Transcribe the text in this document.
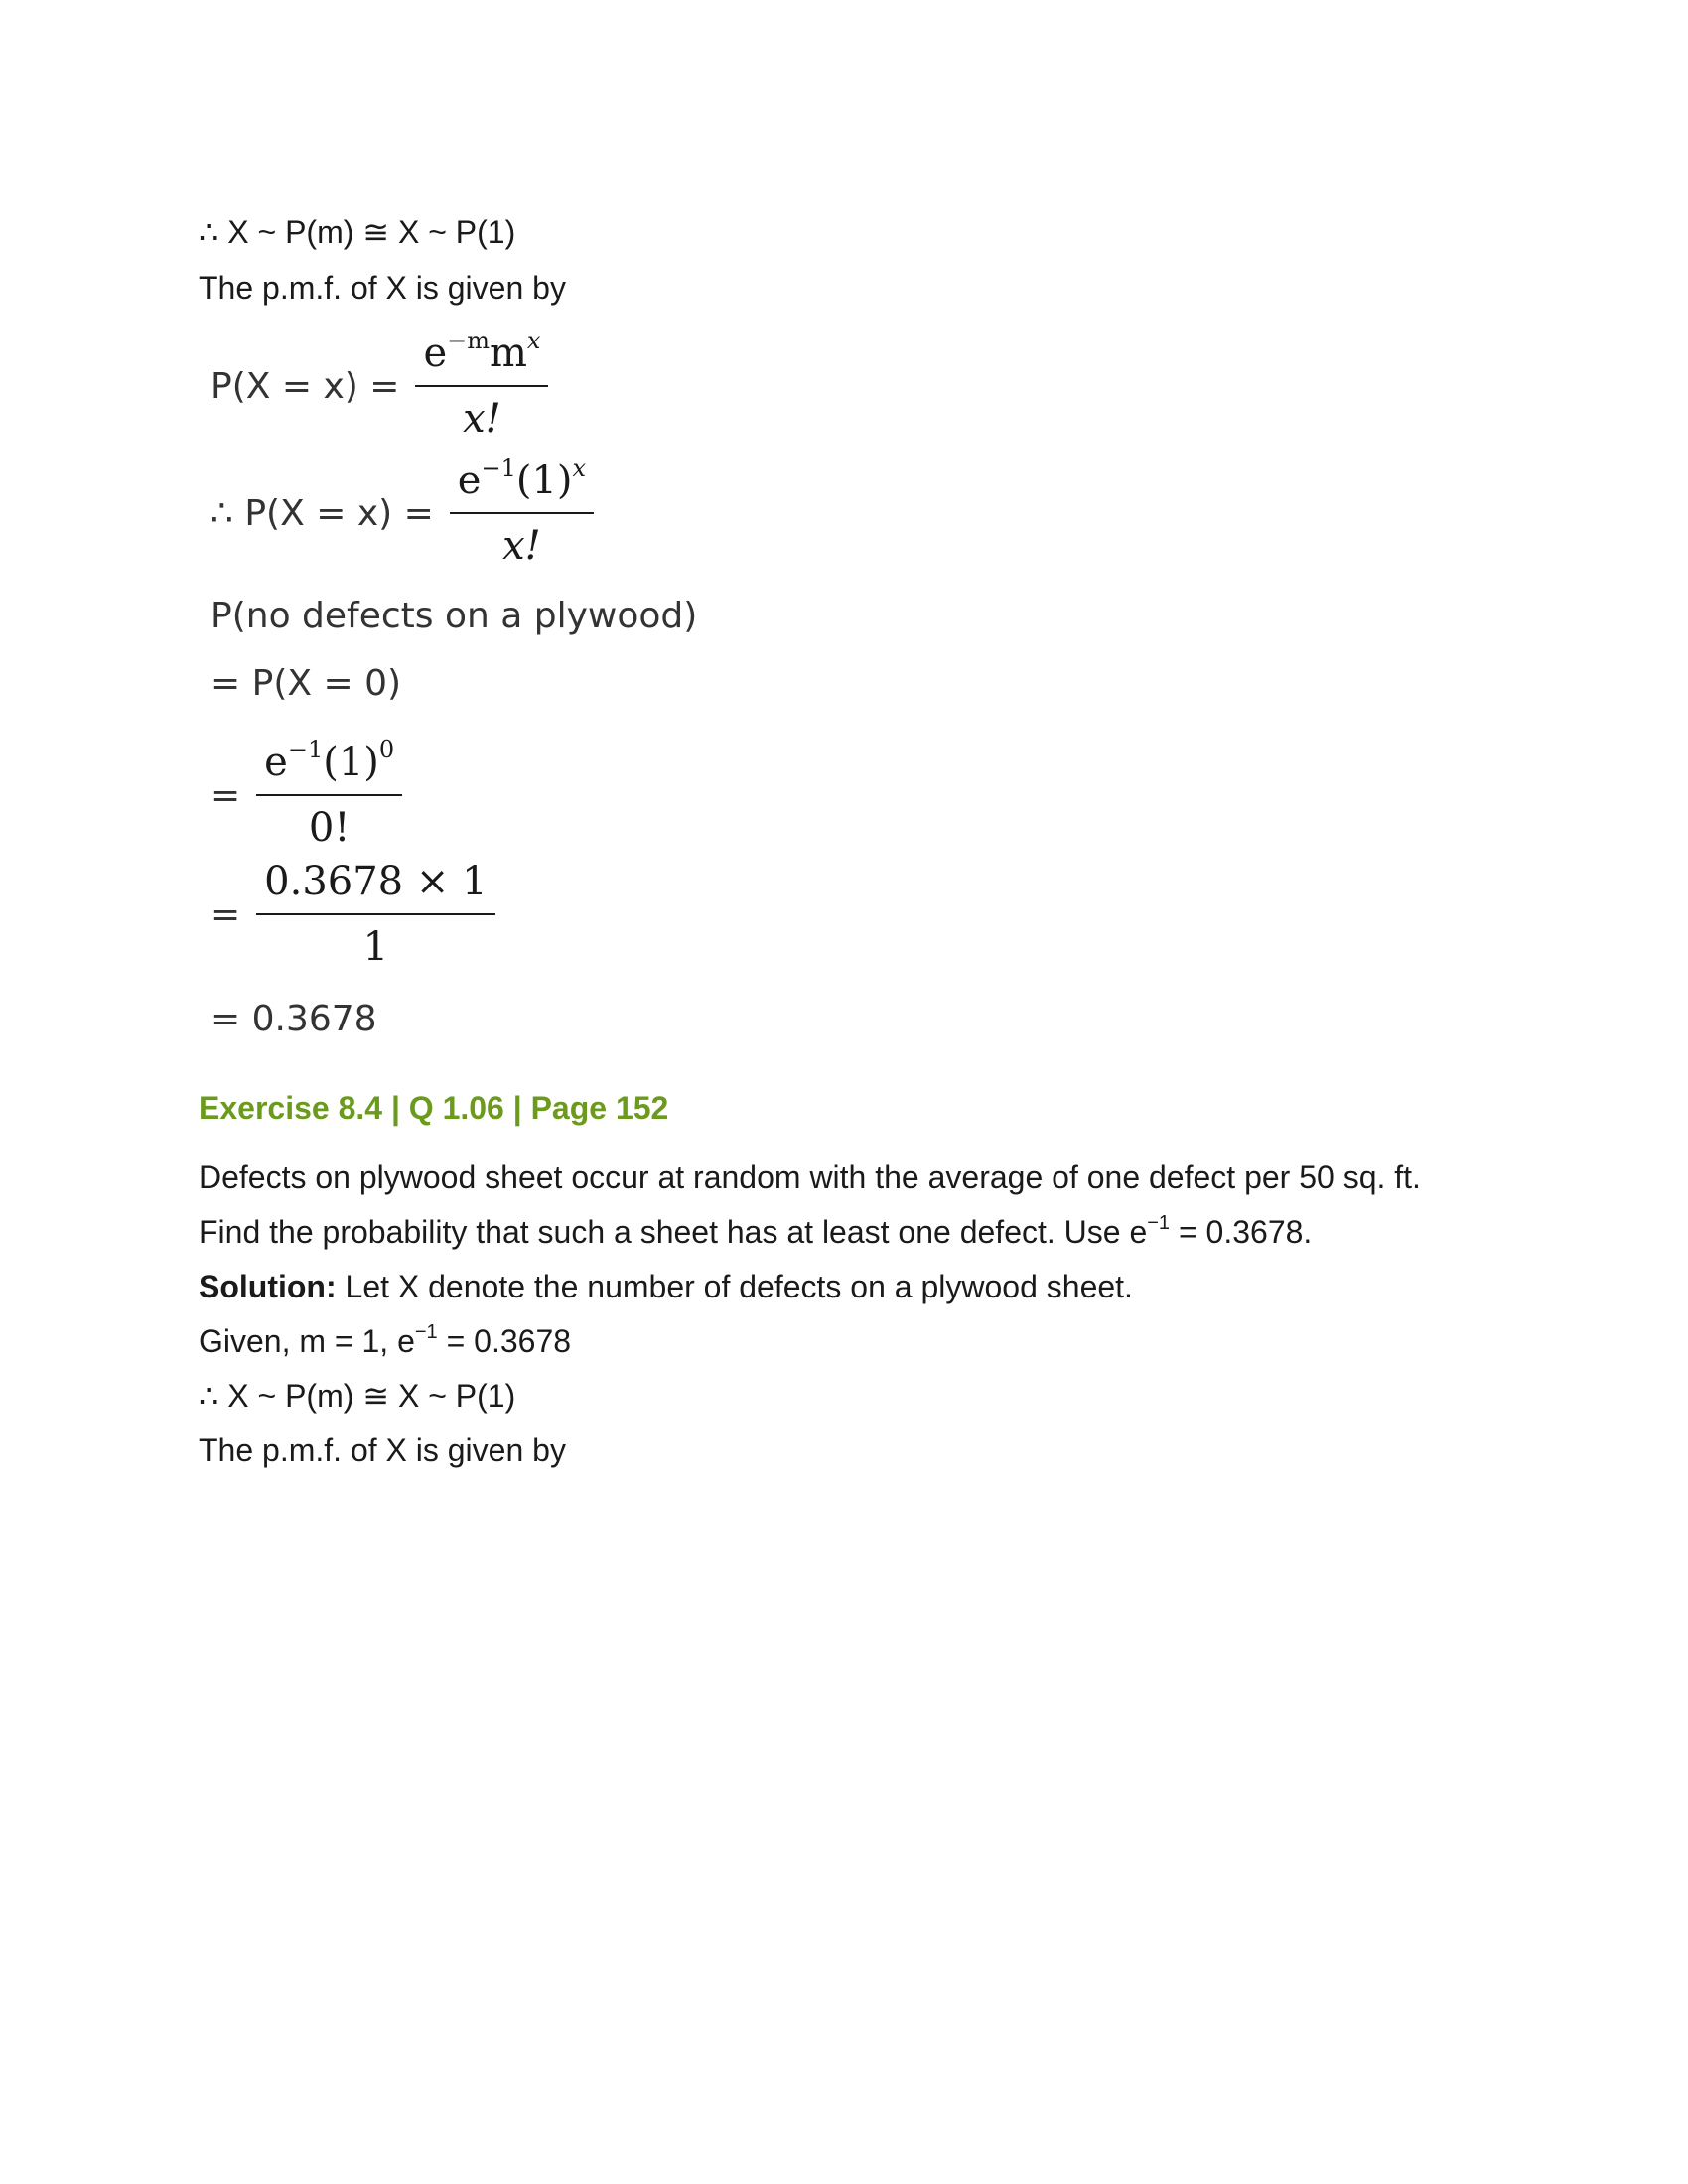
∴ X ~ P(m) ≅ X ~ P(1)
The p.m.f. of X is given by
$P(X = x) = \frac{e^{-m}m^x}{x!}$
∴ $P(X = x) = \frac{e^{-1}(1)^x}{x!}$
P(no defects on a plywood)
= P(X = 0)
= $\frac{e^{-1}(1)^0}{0!}$
= $\frac{0.3678 \times 1}{1}$
= 0.3678
Exercise 8.4 | Q 1.06 | Page 152
Defects on plywood sheet occur at random with the average of one defect per 50 sq. ft.
Find the probability that such a sheet has at least one defect. Use $e^{-1} = 0.3678$.
Solution: Let X denote the number of defects on a plywood sheet.
Given, m = 1, $e^{-1} = 0.3678$
∴ X ~ P(m) ≅ X ~ P(1)
The p.m.f. of X is given by
